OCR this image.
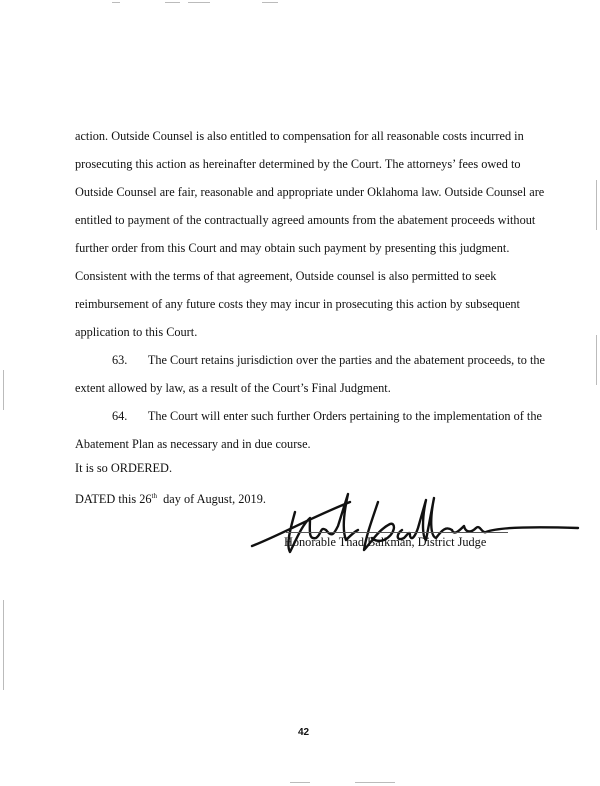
action. Outside Counsel is also entitled to compensation for all reasonable costs incurred in
prosecuting this action as hereinafter determined by the Court. The attorneys’ fees owed to
Outside Counsel are fair, reasonable and appropriate under Oklahoma law. Outside Counsel are
entitled to payment of the contractually agreed amounts from the abatement proceeds without
further order from this Court and may obtain such payment by presenting this judgment.
Consistent with the terms of that agreement, Outside counsel is also permitted to seek
reimbursement of any future costs they may incur in prosecuting this action by subsequent
application to this Court.
63. The Court retains jurisdiction over the parties and the abatement proceeds, to the
extent allowed by law, as a result of the Court’s Final Judgment.
64. The Court will enter such further Orders pertaining to the implementation of the
Abatement Plan as necessary and in due course.
It is so ORDERED.
DATED this 26th  day of August, 2019.
Honorable Thad Balkman, District Judge
42
